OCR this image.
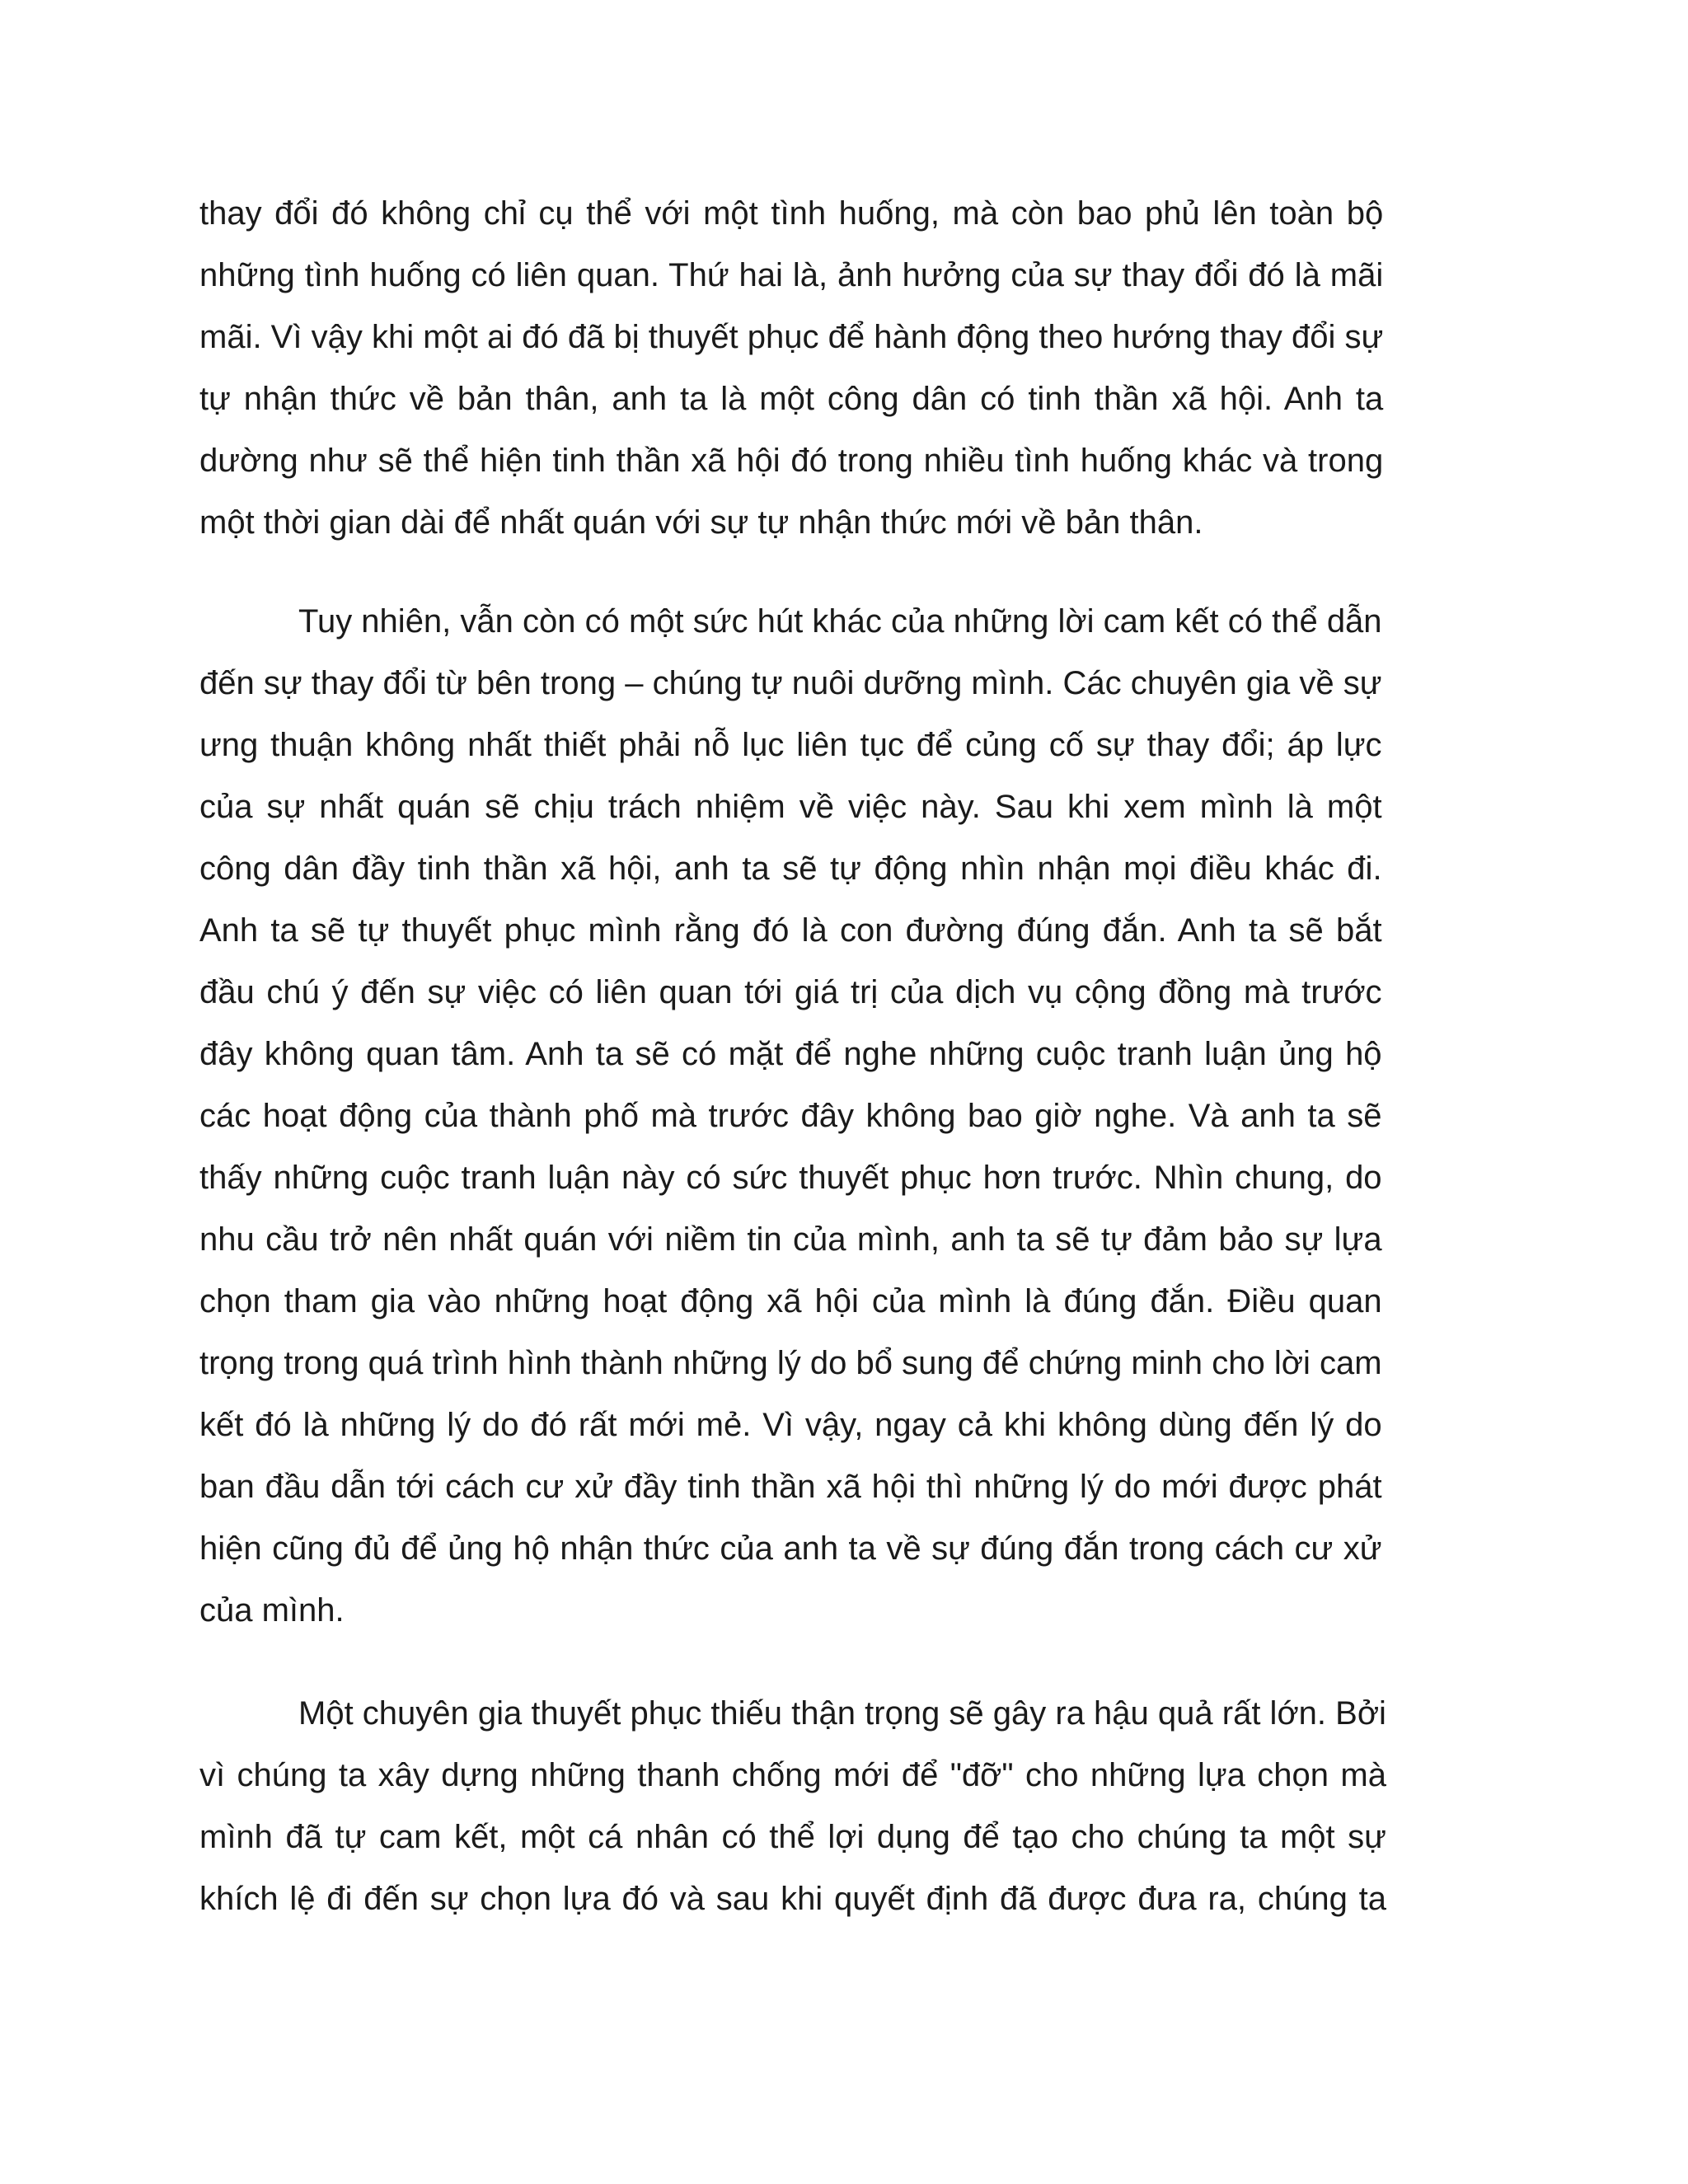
thay đổi đó không chỉ cụ thể với một tình huống, mà còn bao phủ lên toàn bộ
những tình huống có liên quan. Thứ hai là, ảnh hưởng của sự thay đổi đó là mãi
mãi. Vì vậy khi một ai đó đã bị thuyết phục để hành động theo hướng thay đổi sự
tự nhận thức về bản thân, anh ta là một công dân có tinh thần xã hội. Anh ta
dường như sẽ thể hiện tinh thần xã hội đó trong nhiều tình huống khác và trong
một thời gian dài để nhất quán với sự tự nhận thức mới về bản thân.

Tuy nhiên, vẫn còn có một sức hút khác của những lời cam kết có thể dẫn
đến sự thay đổi từ bên trong – chúng tự nuôi dưỡng mình. Các chuyên gia về sự
ưng thuận không nhất thiết phải nỗ lục liên tục để củng cố sự thay đổi; áp lực
của sự nhất quán sẽ chịu trách nhiệm về việc này. Sau khi xem mình là một
công dân đầy tinh thần xã hội, anh ta sẽ tự động nhìn nhận mọi điều khác đi.
Anh ta sẽ tự thuyết phục mình rằng đó là con đường đúng đắn. Anh ta sẽ bắt
đầu chú ý đến sự việc có liên quan tới giá trị của dịch vụ cộng đồng mà trước
đây không quan tâm. Anh ta sẽ có mặt để nghe những cuộc tranh luận ủng hộ
các hoạt động của thành phố mà trước đây không bao giờ nghe. Và anh ta sẽ
thấy những cuộc tranh luận này có sức thuyết phục hơn trước. Nhìn chung, do
nhu cầu trở nên nhất quán với niềm tin của mình, anh ta sẽ tự đảm bảo sự lựa
chọn tham gia vào những hoạt động xã hội của mình là đúng đắn. Điều quan
trọng trong quá trình hình thành những lý do bổ sung để chứng minh cho lời cam
kết đó là những lý do đó rất mới mẻ. Vì vậy, ngay cả khi không dùng đến lý do
ban đầu dẫn tới cách cư xử đầy tinh thần xã hội thì những lý do mới được phát
hiện cũng đủ để ủng hộ nhận thức của anh ta về sự đúng đắn trong cách cư xử
của mình.

Một chuyên gia thuyết phục thiếu thận trọng sẽ gây ra hậu quả rất lớn. Bởi
vì chúng ta xây dựng những thanh chống mới để "đỡ" cho những lựa chọn mà
mình đã tự cam kết, một cá nhân có thể lợi dụng để tạo cho chúng ta một sự
khích lệ đi đến sự chọn lựa đó và sau khi quyết định đã được đưa ra, chúng ta
